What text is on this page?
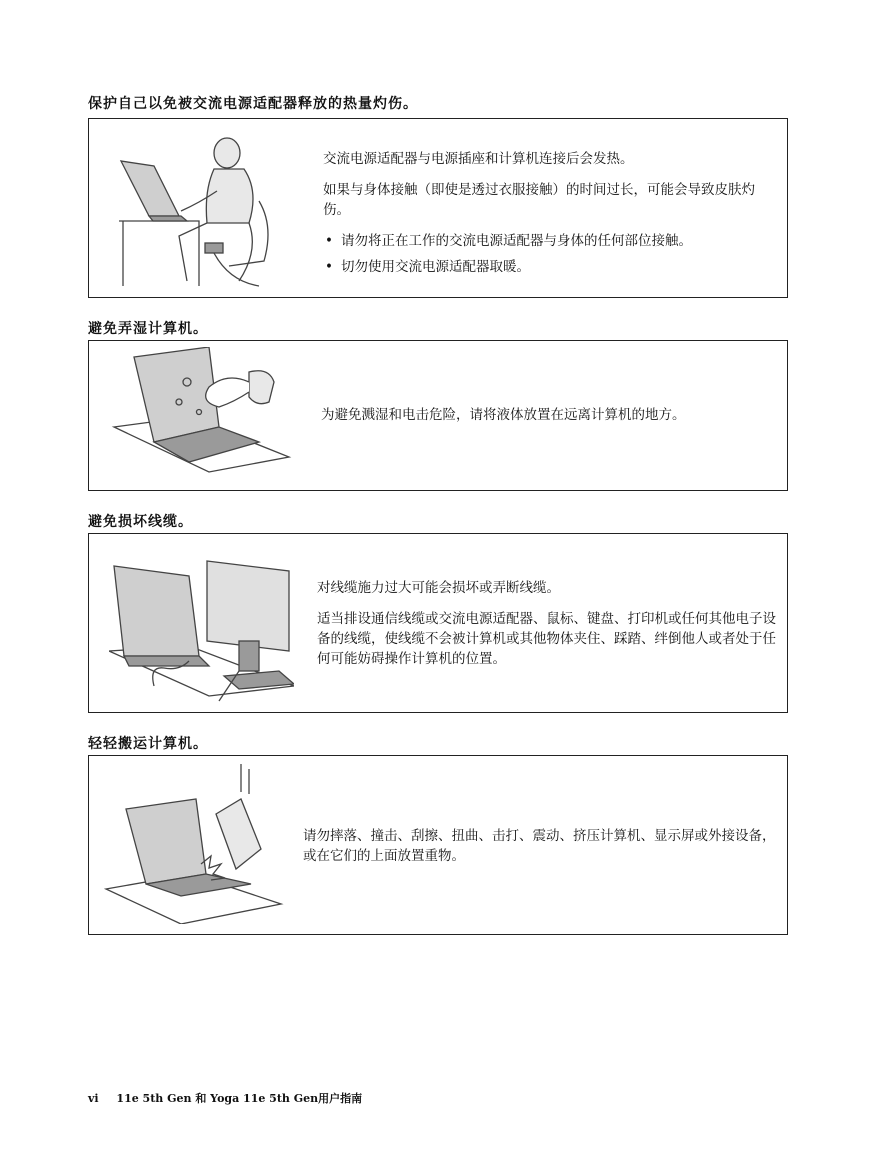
保护自己以免被交流电源适配器释放的热量灼伤。

交流电源适配器与电源插座和计算机连接后会发热。

如果与身体接触（即使是透过衣服接触）的时间过长，可能会导致皮肤灼伤。

• 请勿将正在工作的交流电源适配器与身体的任何部位接触。
• 切勿使用交流电源适配器取暖。
避免弄湿计算机。

为避免溅湿和电击危险，请将液体放置在远离计算机的地方。

避免损坏线缆。

对线缆施力过大可能会损坏或弄断线缆。

适当排设通信线缆或交流电源适配器、鼠标、键盘、打印机或任何其他电子设备的线缆，使线缆不会被计算机或其他物体夹住、踩踏、绊倒他人或者处于任何可能妨碍操作计算机的位置。

轻轻搬运计算机。

请勿摔落、撞击、刮擦、扭曲、击打、震动、挤压计算机、显示屏或外接设备，或在它们的上面放置重物。

vi 11e 5th Gen 和 Yoga 11e 5th Gen用户指南
